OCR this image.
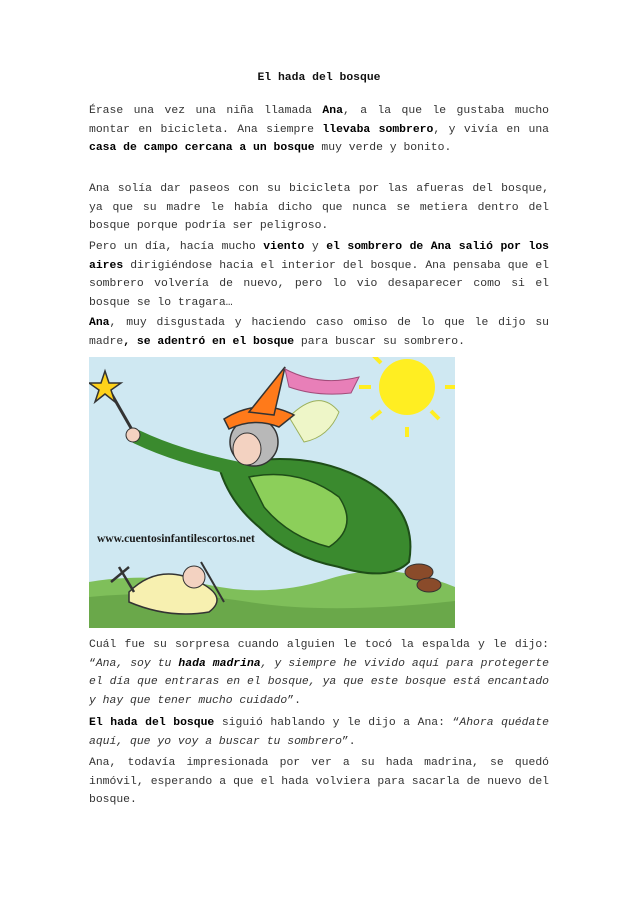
El hada del bosque
Érase una vez una niña llamada Ana, a la que le gustaba mucho montar en bicicleta. Ana siempre llevaba sombrero, y vivía en una casa de campo cercana a un bosque muy verde y bonito.
Ana solía dar paseos con su bicicleta por las afueras del bosque, ya que su madre le había dicho que nunca se metiera dentro del bosque porque podría ser peligroso.
Pero un día, hacía mucho viento y el sombrero de Ana salió por los aires dirigiéndose hacia el interior del bosque. Ana pensaba que el sombrero volvería de nuevo, pero lo vio desaparecer como si el bosque se lo tragara…
Ana, muy disgustada y haciendo caso omiso de lo que le dijo su madre, se adentró en el bosque para buscar su sombrero.
www.cuentosinfantilescortos.net
Cuál fue su sorpresa cuando alguien le tocó la espalda y le dijo: “Ana, soy tu hada madrina, y siempre he vivido aquí para protegerte el día que entraras en el bosque, ya que este bosque está encantado y hay que tener mucho cuidado”.
El hada del bosque siguió hablando y le dijo a Ana: “Ahora quédate aquí, que yo voy a buscar tu sombrero”.
Ana, todavía impresionada por ver a su hada madrina, se quedó inmóvil, esperando a que el hada volviera para sacarla de nuevo del bosque.
